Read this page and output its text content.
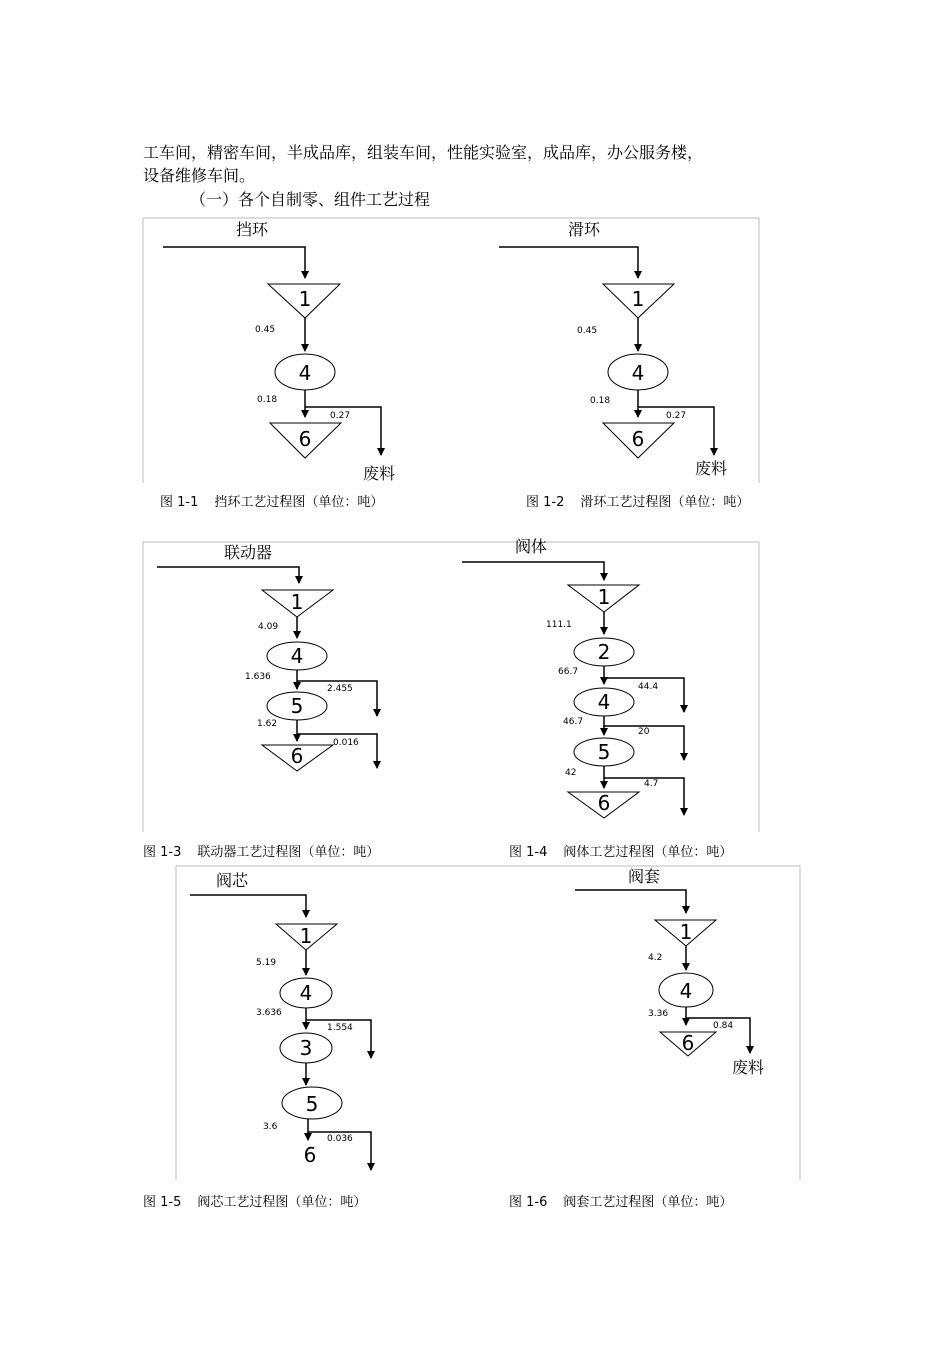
工车间，精密车间，半成品库，组装车间，性能实验室，成品库，办公服务楼，
设备维修车间。
（一）各个自制零、组件工艺过程
挡环
1
0.45
4
0.18
0.27
6
废料
滑环
1
0.45
4
0.18
0.27
6
废料
联动器
1
4.09
4
1.636
2.455
5
1.62
0.016
6
阀体
1
111.1
2
66.7
44.4
4
46.7
20
5
42
4.7
6
阀芯
1
5.19
4
3.636
1.554
3
5
3.6
0.036
6
阀套
1
4.2
4
3.36
0.84
6
废料
图 1-1 挡环工艺过程图（单位：吨）	图 1-2 滑环工艺过程图（单位：吨）
图 1-3 联动器工艺过程图（单位：吨）	图 1-4 阀体工艺过程图（单位：吨）
图 1-5 阀芯工艺过程图（单位：吨）	图 1-6 阀套工艺过程图（单位：吨）
